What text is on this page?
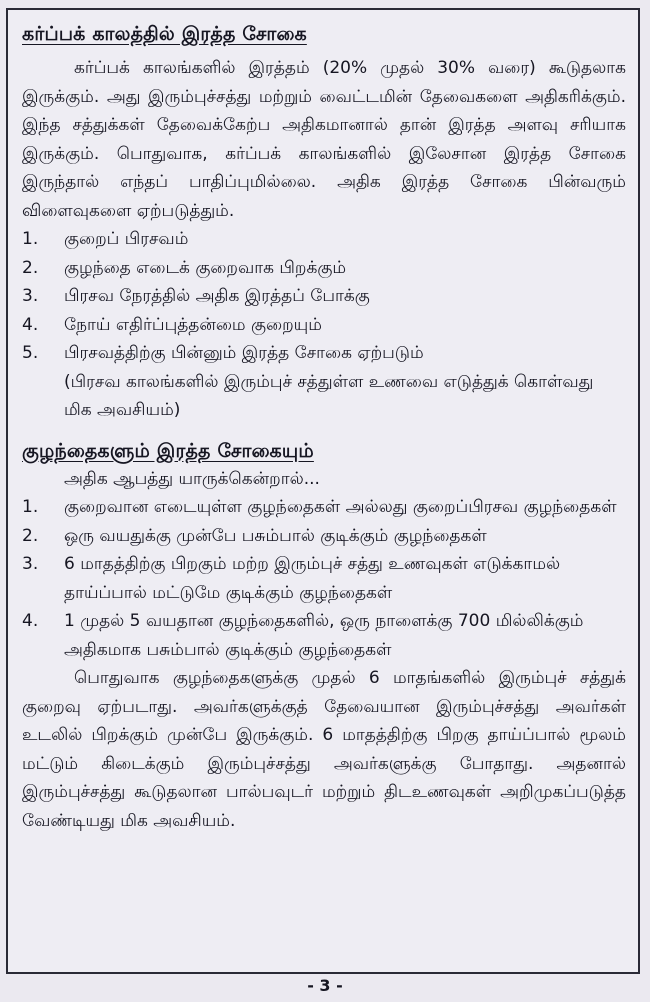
கர்ப்பக் காலத்தில் இரத்த சோகை

கர்ப்பக் காலங்களில் இரத்தம் (20% முதல் 30% வரை) கூடுதலாக இருக்கும். அது இரும்புச்சத்து மற்றும் வைட்டமின் தேவைகளை அதிகரிக்கும். இந்த சத்துக்கள் தேவைக்கேற்ப அதிகமானால் தான் இரத்த அளவு சரியாக இருக்கும். பொதுவாக, கர்ப்பக் காலங்களில் இலேசான இரத்த சோகை இருந்தால் எந்தப் பாதிப்புமில்லை. அதிக இரத்த சோகை பின்வரும் விளைவுகளை ஏற்படுத்தும்.

1.	குறைப் பிரசவம்
2.	குழந்தை எடைக் குறைவாக பிறக்கும்
3.	பிரசவ நேரத்தில் அதிக இரத்தப் போக்கு
4.	நோய் எதிர்ப்புத்தன்மை குறையும்
5.	பிரசவத்திற்கு பின்னும் இரத்த சோகை ஏற்படும்

(பிரசவ காலங்களில் இரும்புச் சத்துள்ள உணவை எடுத்துக் கொள்வது மிக அவசியம்)

குழந்தைகளும் இரத்த சோகையும்

அதிக ஆபத்து யாருக்கென்றால்...

1.	குறைவான எடையுள்ள குழந்தைகள் அல்லது குறைப்பிரசவ குழந்தைகள்
2.	ஒரு வயதுக்கு முன்பே பசும்பால் குடிக்கும் குழந்தைகள்
3.	6 மாதத்திற்கு பிறகும் மற்ற இரும்புச் சத்து உணவுகள் எடுக்காமல் தாய்ப்பால் மட்டுமே குடிக்கும் குழந்தைகள்
4.	1 முதல் 5 வயதான குழந்தைகளில், ஒரு நாளைக்கு 700 மில்லிக்கும் அதிகமாக பசும்பால் குடிக்கும் குழந்தைகள்

பொதுவாக குழந்தைகளுக்கு முதல் 6 மாதங்களில் இரும்புச் சத்துக் குறைவு ஏற்படாது. அவர்களுக்குத் தேவையான இரும்புச்சத்து அவர்கள் உடலில் பிறக்கும் முன்பே இருக்கும். 6 மாதத்திற்கு பிறகு தாய்ப்பால் மூலம் மட்டும் கிடைக்கும் இரும்புச்சத்து அவர்களுக்கு போதாது. அதனால் இரும்புச்சத்து கூடுதலான பால்பவுடர் மற்றும் திடஉணவுகள் அறிமுகப்படுத்த வேண்டியது மிக அவசியம்.

- 3 -
